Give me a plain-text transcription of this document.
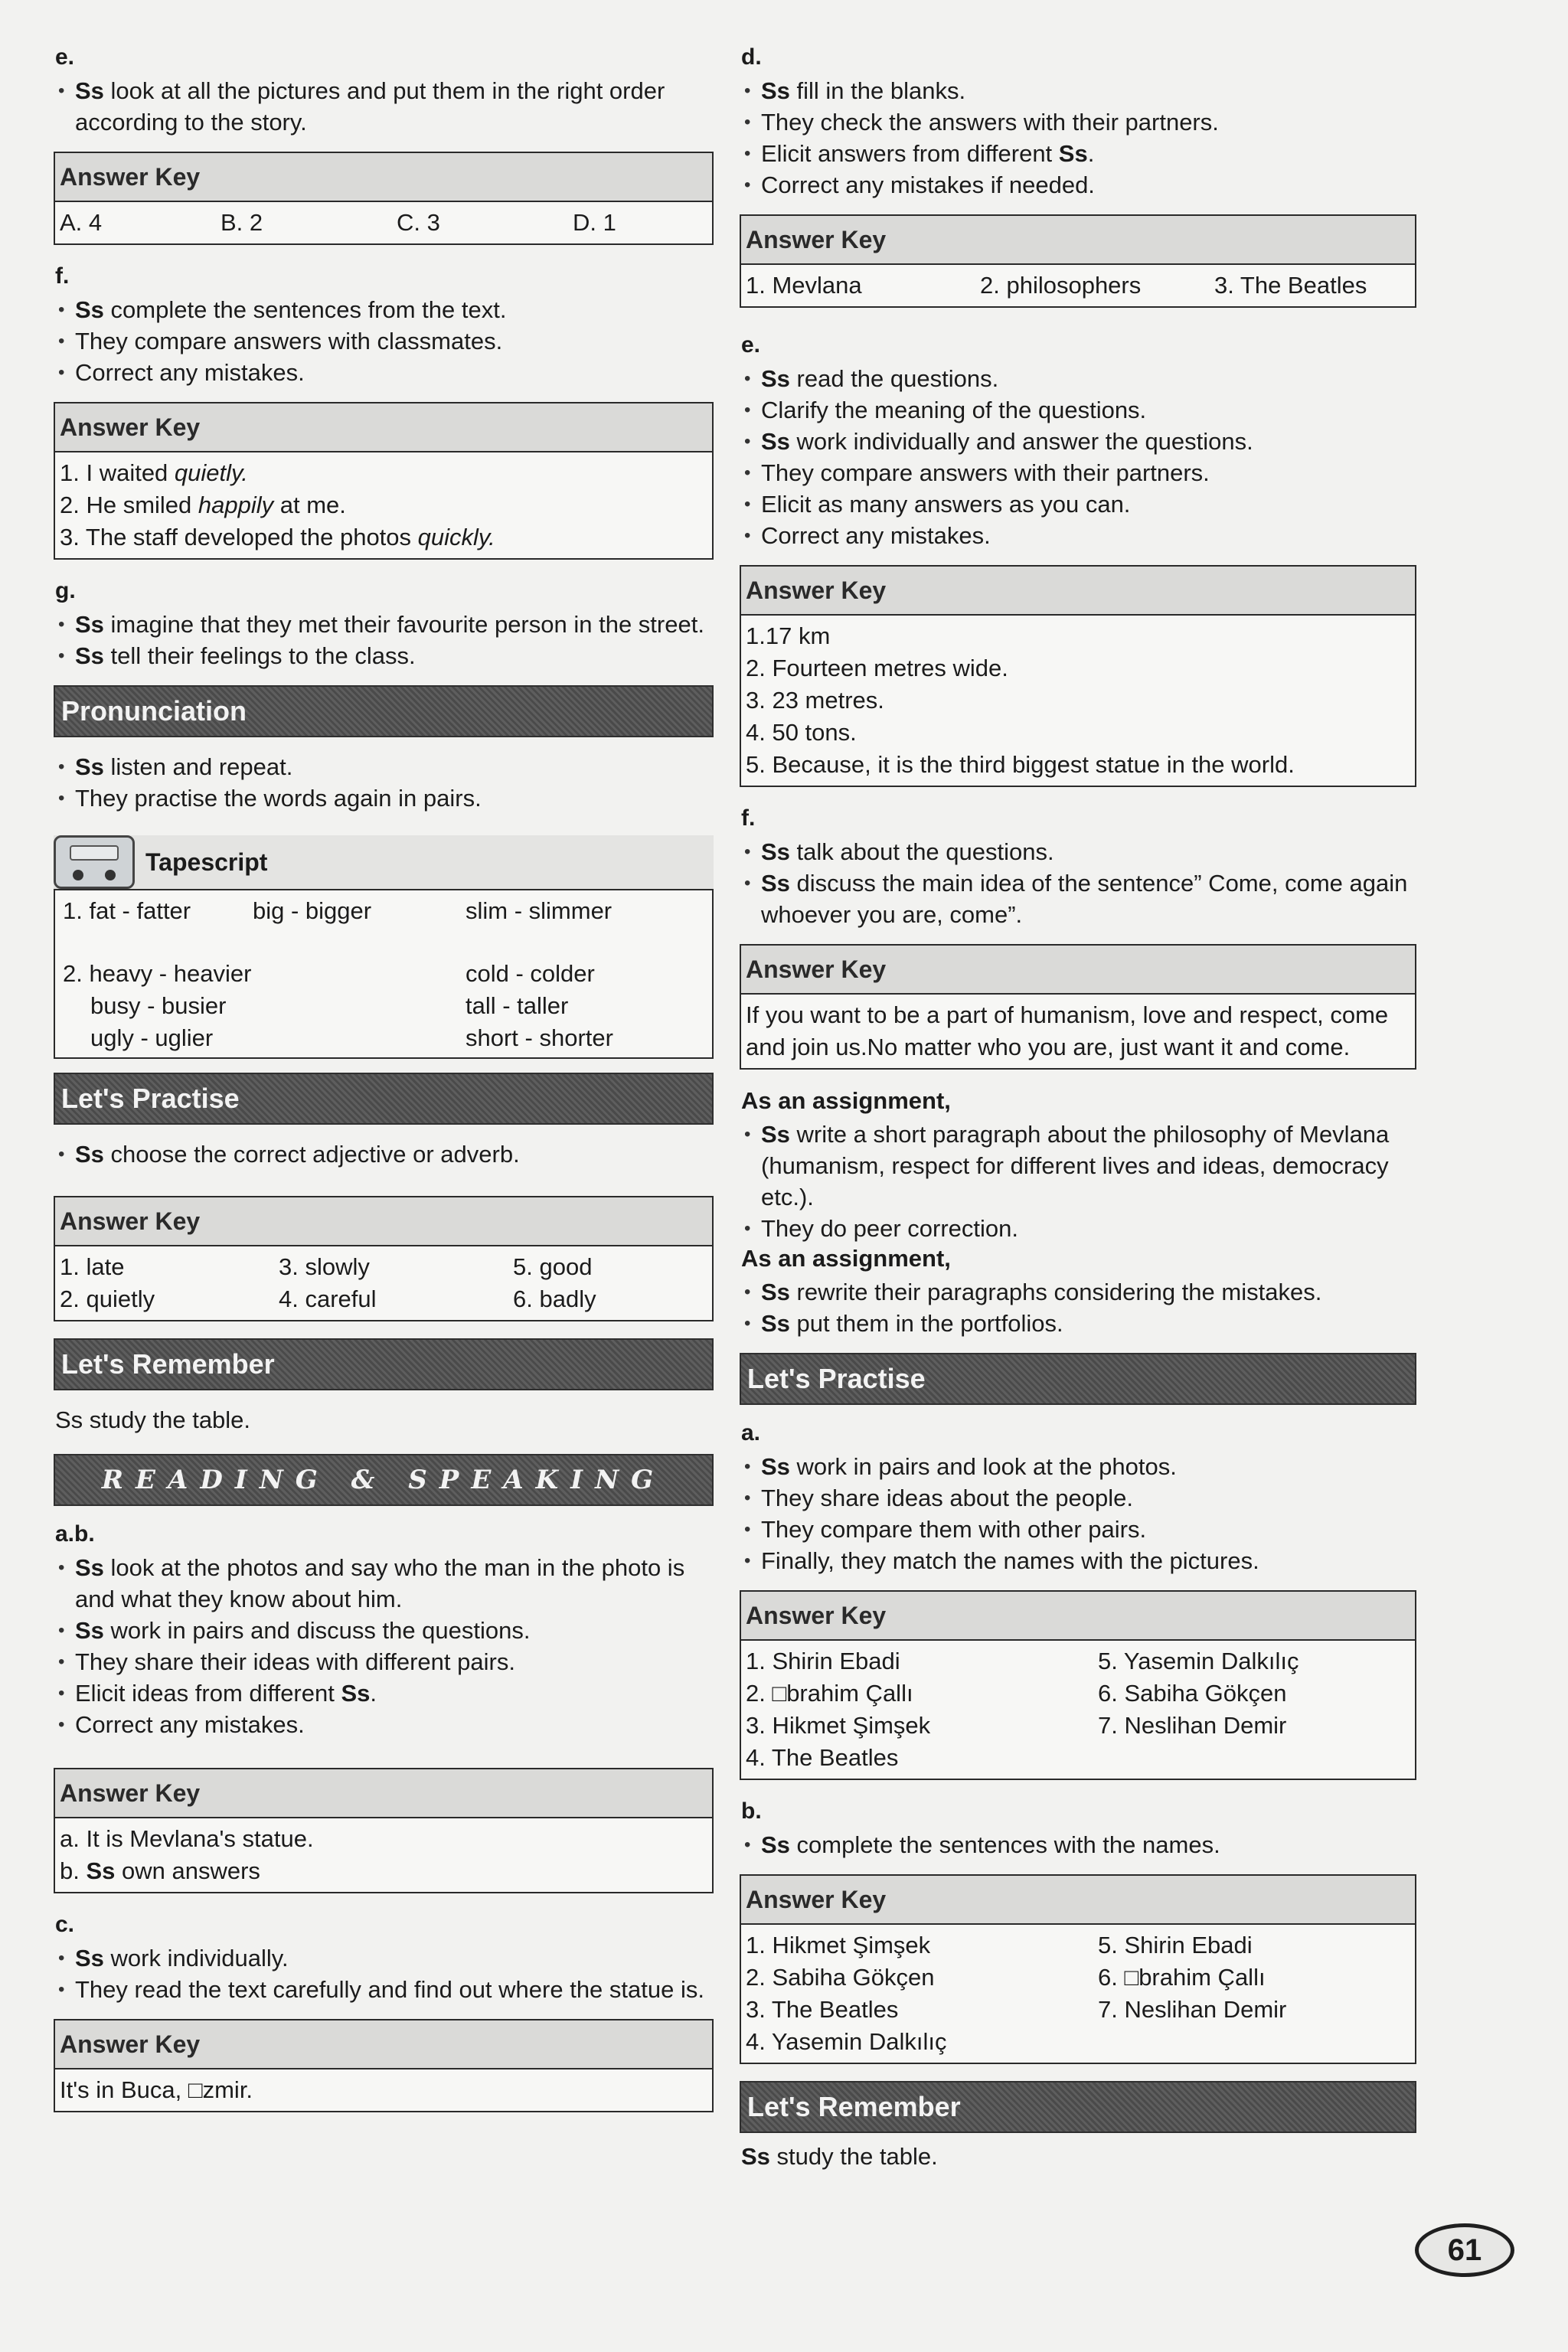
e.
• Ss look at all the pictures and put them in the right order according to the story.
Answer Key
A. 4	B. 2	C. 3	D. 1
f.
• Ss complete the sentences from the text.
• They compare answers with classmates.
• Correct any mistakes.
Answer Key
1. I waited quietly.
2. He smiled happily at me.
3. The staff developed the photos quickly.
g.
• Ss imagine that they met their favourite person in the street.
• Ss tell their feelings to the class.
Pronunciation
• Ss listen and repeat.
• They practise the words again in pairs.
Tapescript
1. fat - fatter	big - bigger	slim - slimmer
2. heavy - heavier	cold - colder
busy - busier	tall - taller
ugly - uglier	short - shorter
Let's Practise
• Ss choose the correct adjective or adverb.
Answer Key
1. late	3. slowly	5. good
2. quietly	4. careful	6. badly
Let's Remember
Ss study the table.
READING & SPEAKING
a.b.
• Ss look at the photos and say who the man in the photo is and what they know about him.
• Ss work in pairs and discuss the questions.
• They share their ideas with different pairs.
• Elicit ideas from different Ss.
• Correct any mistakes.
Answer Key
a. It is Mevlana's statue.
b. Ss own answers
c.
• Ss work individually.
• They read the text carefully and find out where the statue is.
Answer Key
It's in Buca, □zmir.
d.
• Ss fill in the blanks.
• They check the answers with their partners.
• Elicit answers from different Ss.
• Correct any mistakes if needed.
Answer Key
1. Mevlana	2. philosophers	3. The Beatles
e.
• Ss read the questions.
• Clarify the meaning of the questions.
• Ss work individually and answer the questions.
• They compare answers with their partners.
• Elicit as many answers as you can.
• Correct any mistakes.
Answer Key
1.17 km
2. Fourteen metres wide.
3. 23 metres.
4. 50 tons.
5. Because, it is the third biggest statue in the world.
f.
• Ss talk about the questions.
• Ss discuss the main idea of the sentence” Come, come again whoever you are, come”.
Answer Key
If you want to be a part of humanism, love and respect, come and join us.No matter who you are, just want it and come.
As an assignment,
• Ss write a short paragraph about the philosophy of Mevlana (humanism, respect for different lives and ideas, democracy etc.).
• They do peer correction.
As an assignment,
• Ss rewrite their paragraphs considering the mistakes.
• Ss put them in the portfolios.
Let's Practise
a.
• Ss work in pairs and look at the photos.
• They share ideas about the people.
• They compare them with other pairs.
• Finally, they match the names with the pictures.
Answer Key
1. Shirin Ebadi
2. □brahim Çallı
3. Hikmet Şimşek
4. The Beatles
5. Yasemin Dalkılıç
6. Sabiha Gökçen
7. Neslihan Demir
b.
• Ss complete the sentences with the names.
Answer Key
1. Hikmet Şimşek
2. Sabiha Gökçen
3. The Beatles
4. Yasemin Dalkılıç
5. Shirin Ebadi
6. □brahim Çallı
7. Neslihan Demir
Let's Remember
Ss study the table.
61
